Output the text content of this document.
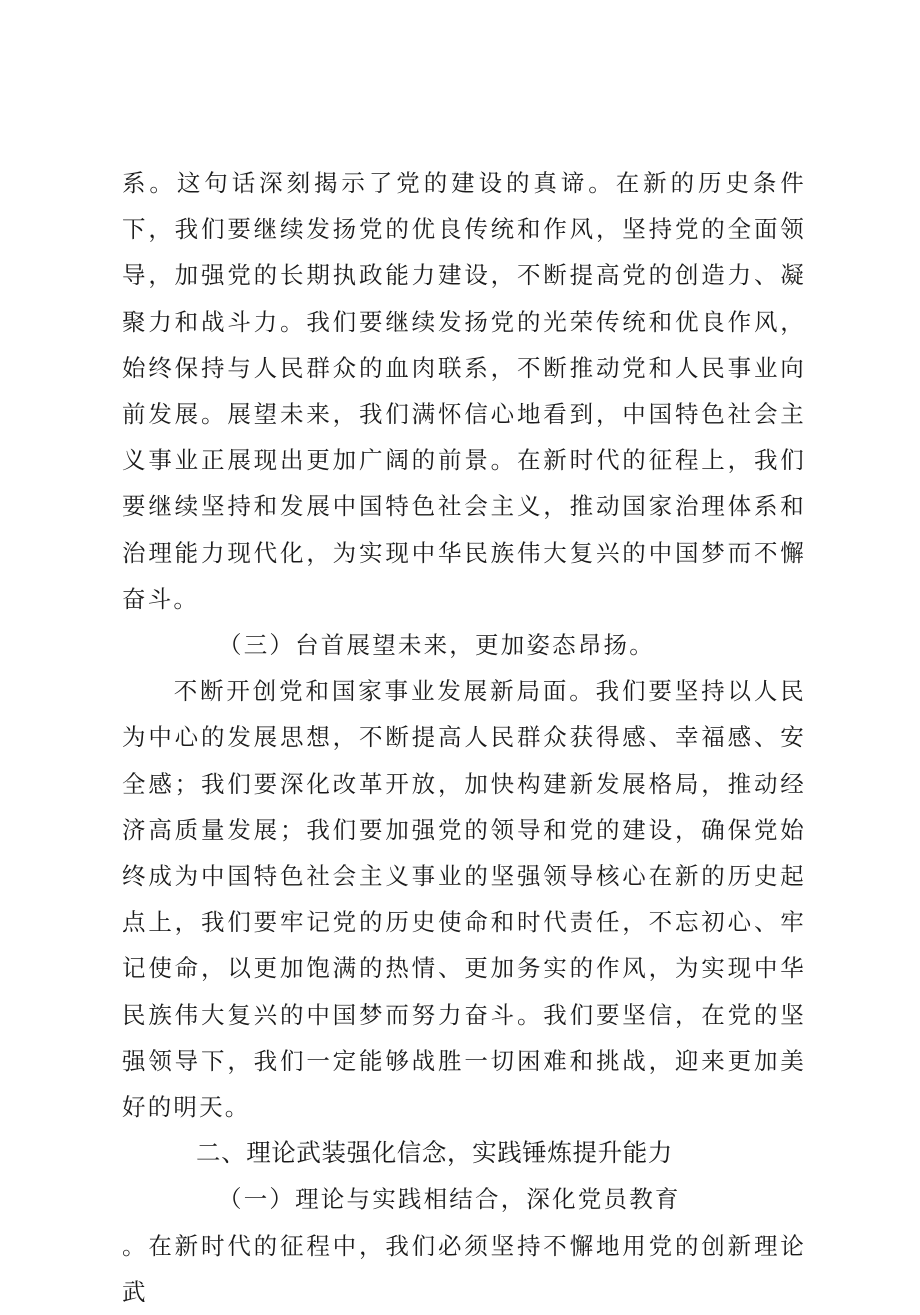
系。这句话深刻揭示了党的建设的真谛。在新的历史条件下，我们要继续发扬党的优良传统和作风，坚持党的全面领导，加强党的长期执政能力建设，不断提高党的创造力、凝聚力和战斗力。我们要继续发扬党的光荣传统和优良作风，始终保持与人民群众的血肉联系，不断推动党和人民事业向前发展。展望未来，我们满怀信心地看到，中国特色社会主义事业正展现出更加广阔的前景。在新时代的征程上，我们要继续坚持和发展中国特色社会主义，推动国家治理体系和治理能力现代化，为实现中华民族伟大复兴的中国梦而不懈奋斗。

（三）台首展望未来，更加姿态昂扬。

不断开创党和国家事业发展新局面。我们要坚持以人民为中心的发展思想，不断提高人民群众获得感、幸福感、安全感；我们要深化改革开放，加快构建新发展格局，推动经济高质量发展；我们要加强党的领导和党的建设，确保党始终成为中国特色社会主义事业的坚强领导核心在新的历史起点上，我们要牢记党的历史使命和时代责任，不忘初心、牢记使命，以更加饱满的热情、更加务实的作风，为实现中华民族伟大复兴的中国梦而努力奋斗。我们要坚信，在党的坚强领导下，我们一定能够战胜一切困难和挑战，迎来更加美好的明天。

二、理论武装强化信念，实践锤炼提升能力
（一）理论与实践相结合，深化党员教育

。在新时代的征程中，我们必须坚持不懈地用党的创新理论武
